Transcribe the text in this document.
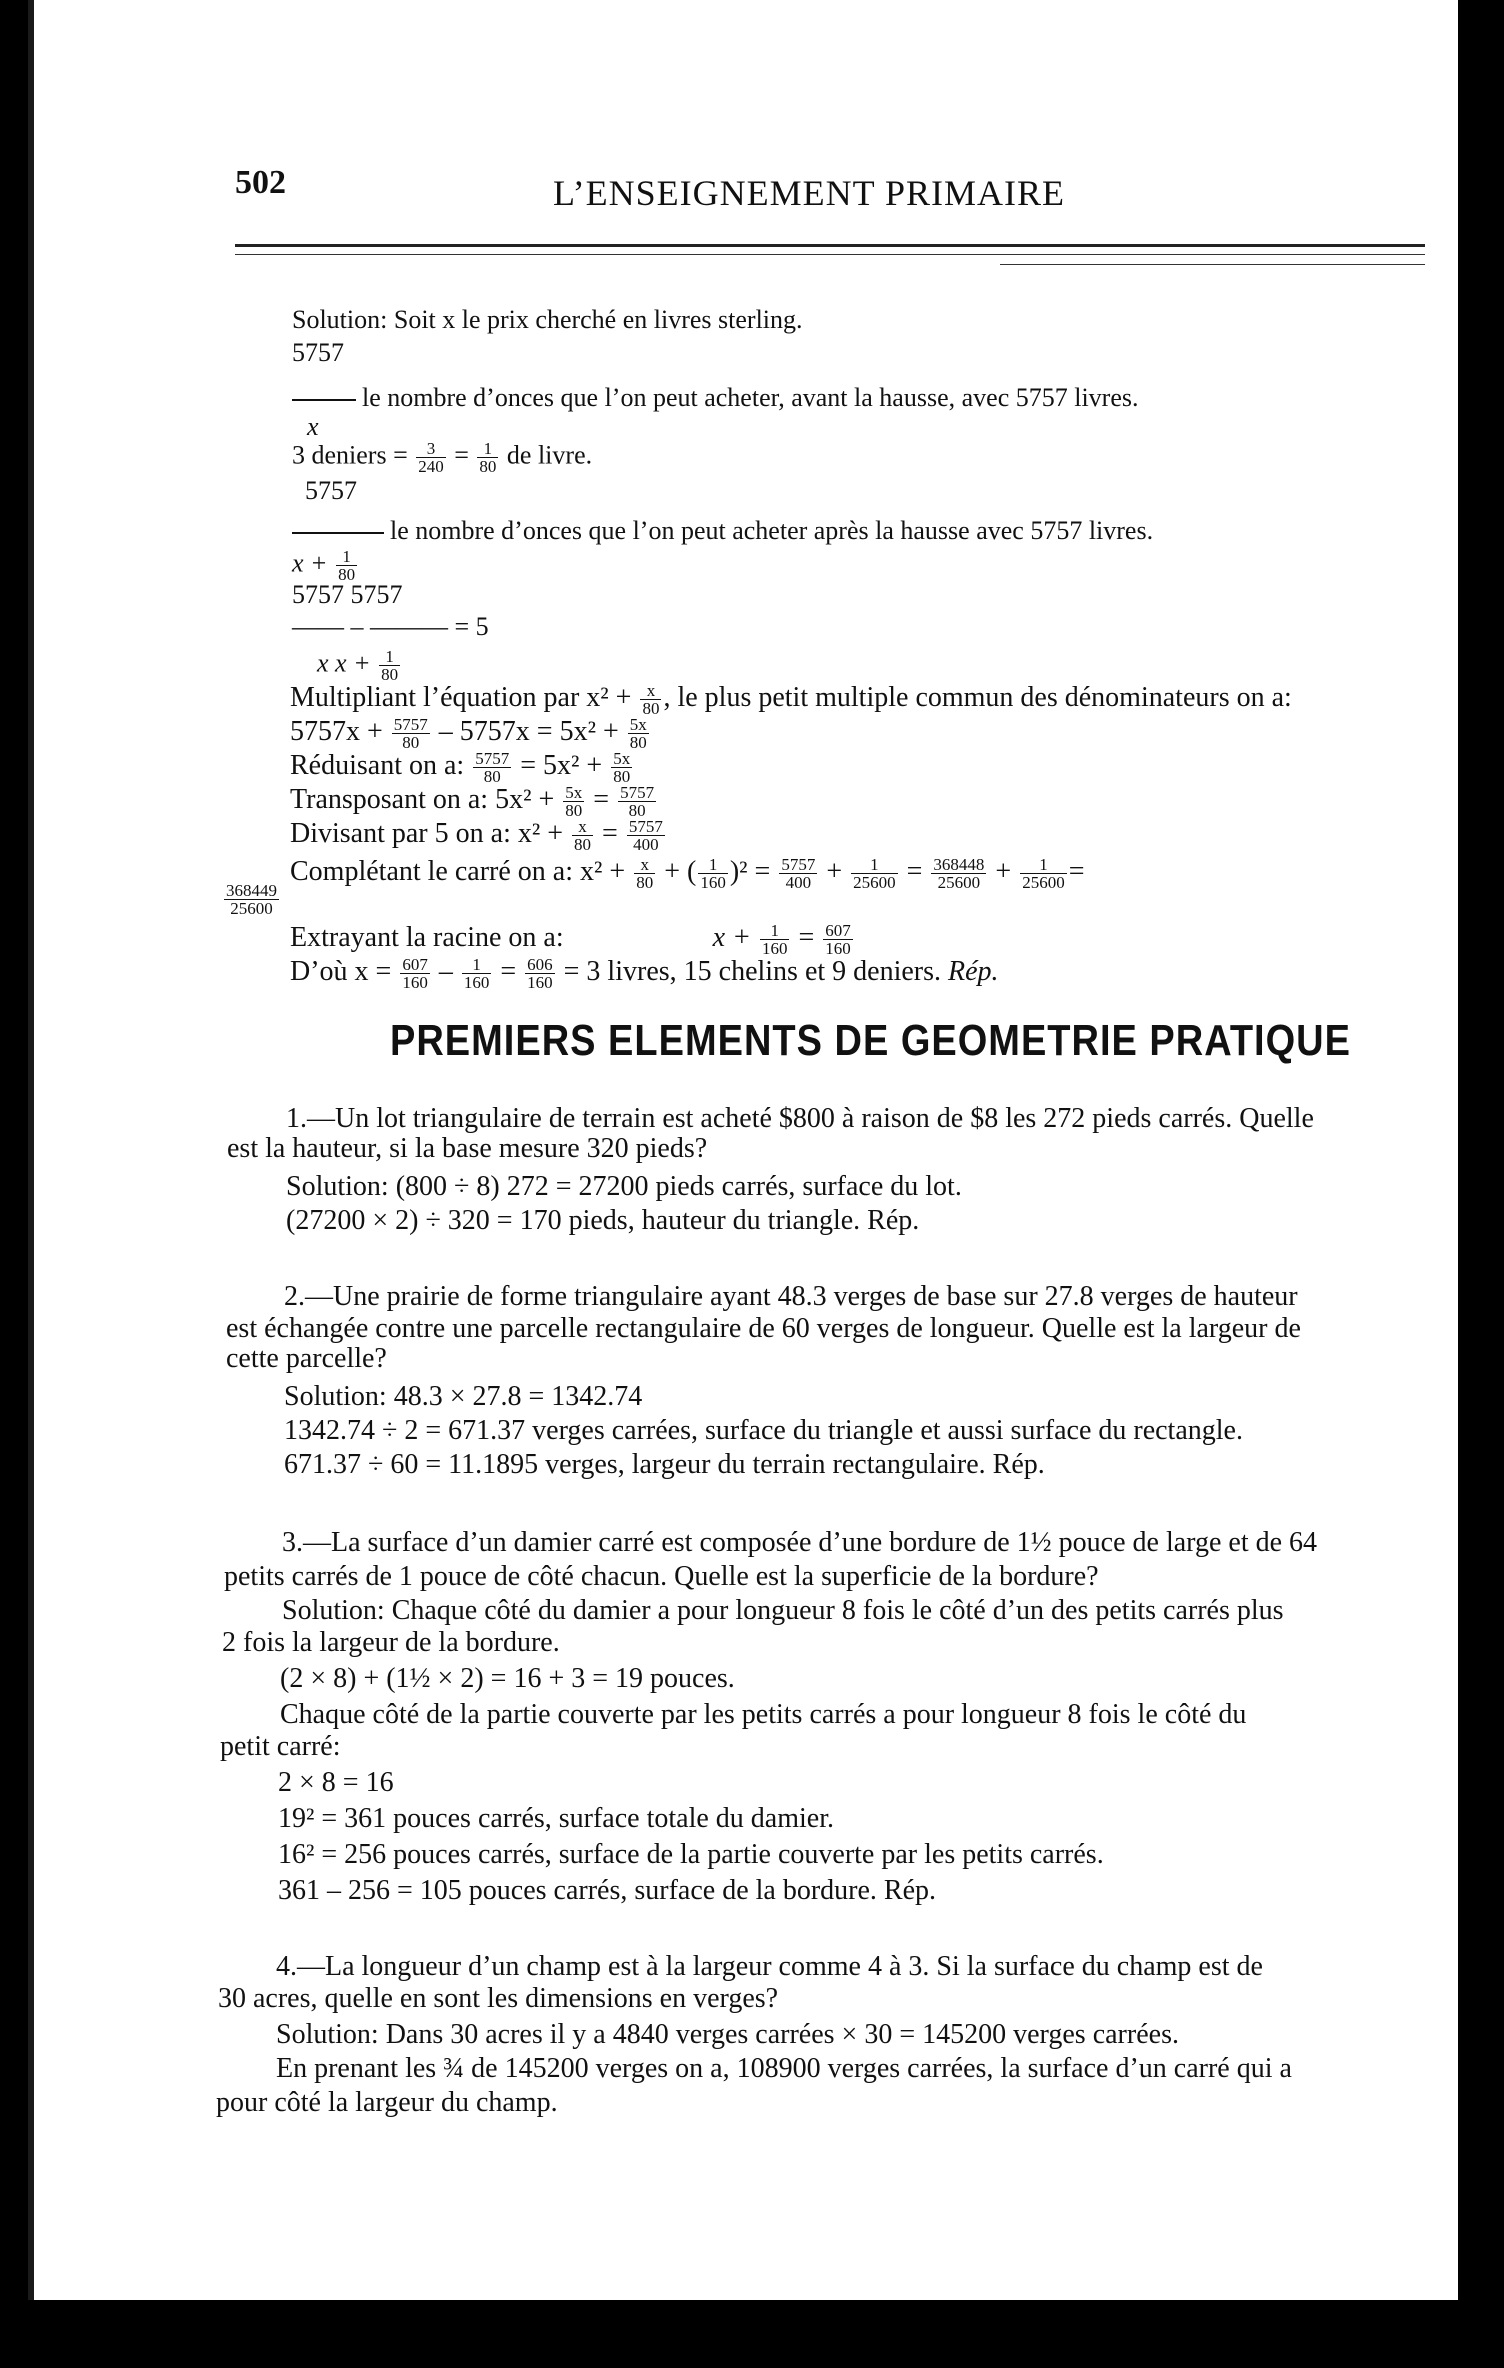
502	L’ENSEIGNEMENT PRIMAIRE
Solution: Soit x le prix cherché en livres sterling.
5757
le nombre d’onces que l’on peut acheter, avant la hausse, avec 5757 livres.
x
3 deniers = $\frac{3}{240} = \frac{1}{80}$ de livre.
5757
le nombre d’onces que l’on peut acheter après la hausse avec 5757 livres.
$x + \frac{1}{80}$
5757 5757
—— – ——— = 5
x $x + \frac{1}{80}$
Multipliant l’équation par $x^2 + \frac{x}{80}$ , le plus petit multiple commun des dénominateurs on a:
$5757x + \frac{5757}{80} - 5757x = 5x^2 + \frac{5x}{80}$
Réduisant on a: $\frac{5757}{80} = 5x^2 + \frac{5x}{80}$
Transposant on a: $5x^2 + \frac{5x}{80} = \frac{5757}{80}$
Divisant par 5 on a: $x^2 + \frac{x}{80} = \frac{5757}{400}$
Complétant le carré on a: $x^2 + \frac{x}{80}$ + ( $\frac{1}{160} )^2 = \frac{5757}{400} + \frac{1}{25600} = \frac{368448}{25600} + \frac{1}{25600}$ =
$\frac{368449}{25600}$
Extrayant la racine on a:	$x + \frac{1}{160} = \frac{607}{160}$
D’où $x = \frac{607}{160} - \frac{1}{160} = \frac{606}{160} = 3$ livres, 15 chelins et 9 deniers. Rép.
PREMIERS ELEMENTS DE GEOMETRIE PRATIQUE
1.—Un lot triangulaire de terrain est acheté $800 à raison de $8 les 272 pieds carrés. Quelle
est la hauteur, si la base mesure 320 pieds?
Solution: (800 ÷ 8) 272 = 27200 pieds carrés, surface du lot.
(27200 × 2) ÷ 320 = 170 pieds, hauteur du triangle. Rép.
2.—Une prairie de forme triangulaire ayant 48.3 verges de base sur 27.8 verges de hauteur
est échangée contre une parcelle rectangulaire de 60 verges de longueur. Quelle est la largeur de
cette parcelle?
Solution: 48.3 × 27.8 = 1342.74
1342.74 ÷ 2 = 671.37 verges carrées, surface du triangle et aussi surface du rectangle.
671.37 ÷ 60 = 11.1895 verges, largeur du terrain rectangulaire. Rép.
3.—La surface d’un damier carré est composée d’une bordure de 1½ pouce de large et de 64
petits carrés de 1 pouce de côté chacun. Quelle est la superficie de la bordure?
Solution: Chaque côté du damier a pour longueur 8 fois le côté d’un des petits carrés plus
2 fois la largeur de la bordure.
(2 × 8) + (1½ × 2) = 16 + 3 = 19 pouces.
Chaque côté de la partie couverte par les petits carrés a pour longueur 8 fois le côté du
petit carré:
2 × 8 = 16
19² = 361 pouces carrés, surface totale du damier.
16² = 256 pouces carrés, surface de la partie couverte par les petits carrés.
361 – 256 = 105 pouces carrés, surface de la bordure. Rép.
4.—La longueur d’un champ est à la largeur comme 4 à 3. Si la surface du champ est de
30 acres, quelle en sont les dimensions en verges?
Solution: Dans 30 acres il y a 4840 verges carrées × 30 = 145200 verges carrées.
En prenant les ¾ de 145200 verges on a, 108900 verges carrées, la surface d’un carré qui a
pour côté la largeur du champ.
